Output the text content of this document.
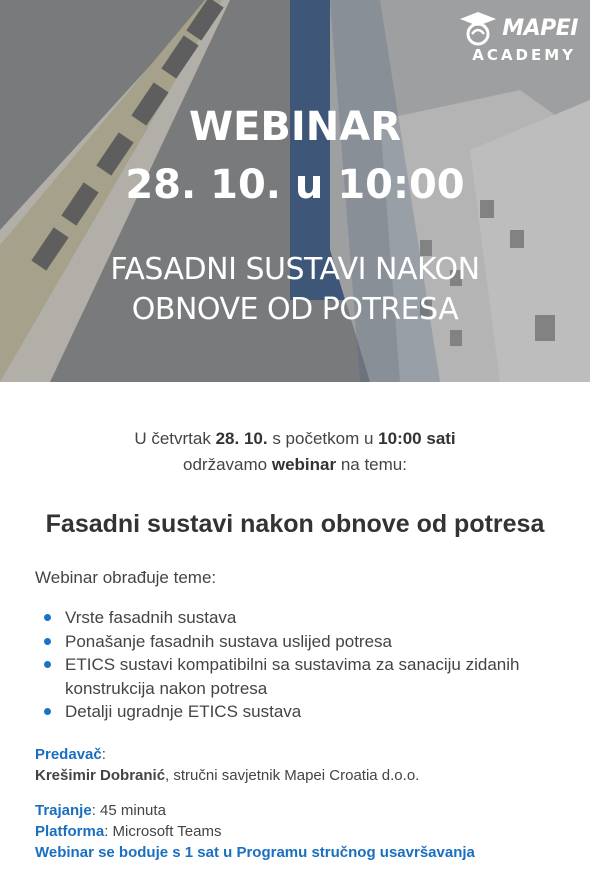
MAPEI
ACADEMY
WEBINAR
28. 10. u 10:00
FASADNI SUSTAVI NAKON
OBNOVE OD POTRESA
U četvrtak 28. 10. s početkom u 10:00 sati
održavamo webinar na temu:
Fasadni sustavi nakon obnove od potresa
Webinar obrađuje teme:
Vrste fasadnih sustava
Ponašanje fasadnih sustava uslijed potresa
ETICS sustavi kompatibilni sa sustavima za sanaciju zidanih konstrukcija nakon potresa
Detalji ugradnje ETICS sustava
Predavač:
Krešimir Dobranić, stručni savjetnik Mapei Croatia d.o.o.
Trajanje: 45 minuta
Platforma: Microsoft Teams
Webinar se boduje s 1 sat u Programu stručnog usavršavanja
